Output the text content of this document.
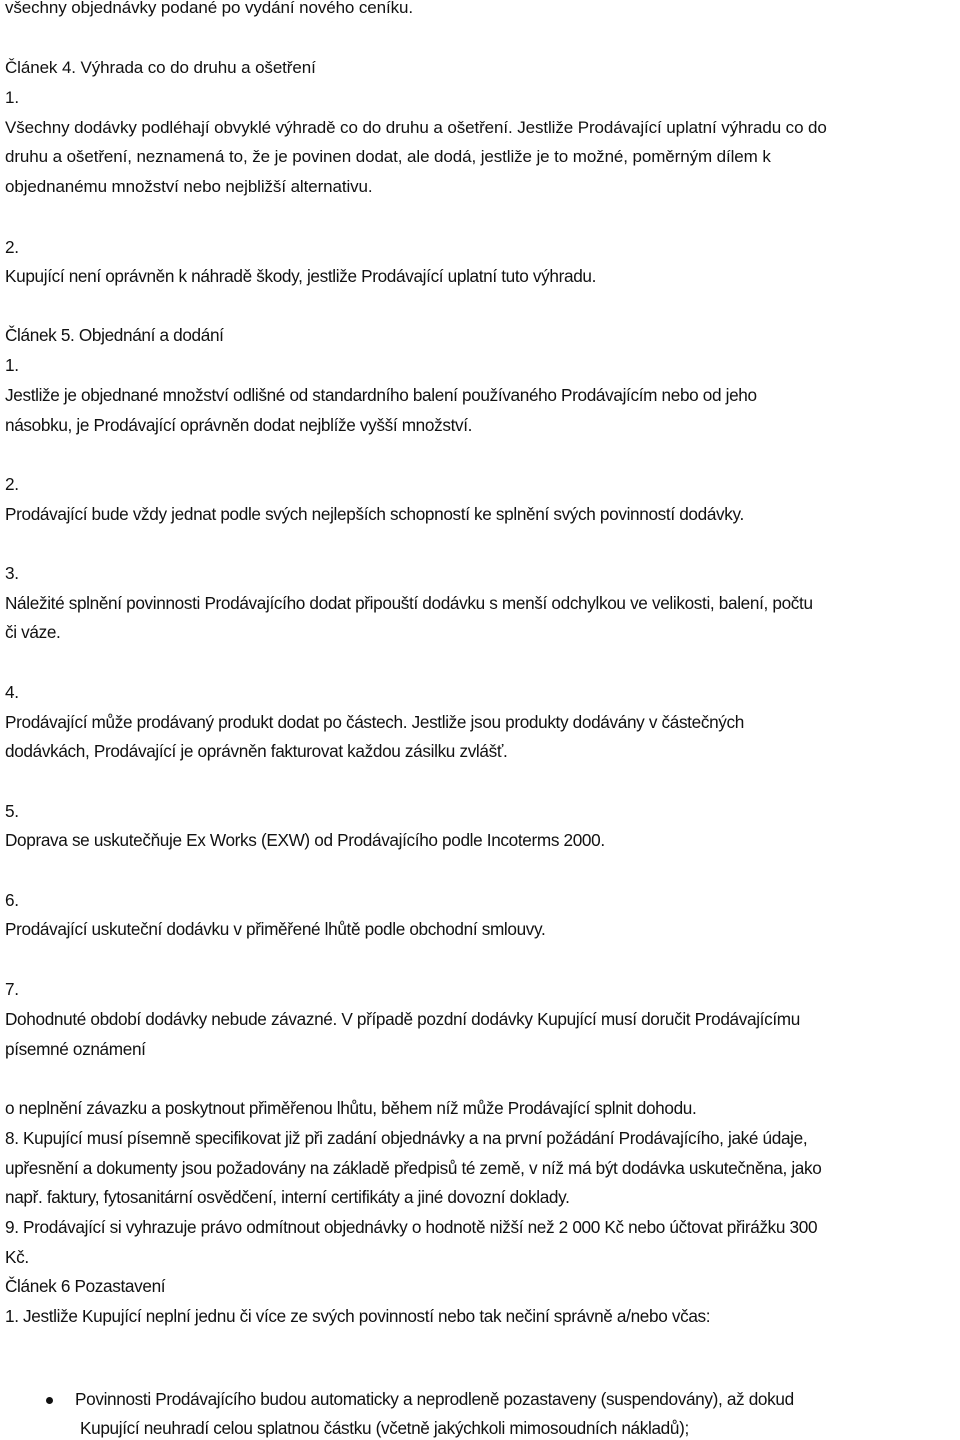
všechny objednávky podané po vydání nového ceníku.
Článek 4. Výhrada co do druhu a ošetření
1.
Všechny dodávky podléhají obvyklé výhradě co do druhu a ošetření. Jestliže Prodávající uplatní výhradu co do
druhu a ošetření, neznamená to, že je povinen dodat, ale dodá, jestliže je to možné, poměrným dílem k
objednanému množství nebo nejbližší alternativu.
2.
Kupující není oprávněn k náhradě škody, jestliže Prodávající uplatní tuto výhradu.
Článek 5. Objednání a dodání
1.
Jestliže je objednané množství odlišné od standardního balení používaného Prodávajícím nebo od jeho
násobku, je Prodávající oprávněn dodat nejblíže vyšší množství.
2.
Prodávající bude vždy jednat podle svých nejlepších schopností ke splnění svých povinností dodávky.
3.
Náležité splnění povinnosti Prodávajícího dodat připouští dodávku s menší odchylkou ve velikosti, balení, počtu
či váze.
4.
Prodávající může prodávaný produkt dodat po částech. Jestliže jsou produkty dodávány v částečných
dodávkách, Prodávající je oprávněn fakturovat každou zásilku zvlášť.
5.
Doprava se uskutečňuje Ex Works (EXW) od Prodávajícího podle Incoterms 2000.
6.
Prodávající uskuteční dodávku v přiměřené lhůtě podle obchodní smlouvy.
7.
Dohodnuté období dodávky nebude závazné. V případě pozdní dodávky Kupující musí doručit Prodávajícímu
písemné oznámení
o neplnění závazku a poskytnout přiměřenou lhůtu, během níž může Prodávající splnit dohodu.
8. Kupující musí písemně specifikovat již při zadání objednávky a na první požádání Prodávajícího, jaké údaje,
upřesnění a dokumenty jsou požadovány na základě předpisů té země, v níž má být dodávka uskutečněna, jako
např. faktury, fytosanitární osvědčení, interní certifikáty a jiné dovozní doklady.
9. Prodávající si vyhrazuje právo odmítnout objednávky o hodnotě nižší než 2 000 Kč nebo účtovat přirážku 300
Kč.
Článek 6 Pozastavení
1. Jestliže Kupující neplní jednu či více ze svých povinností nebo tak nečiní správně a/nebo včas:
Povinnosti Prodávajícího budou automaticky a neprodleně pozastaveny (suspendovány), až dokud
Kupující neuhradí celou splatnou částku (včetně jakýchkoli mimosoudních nákladů);
